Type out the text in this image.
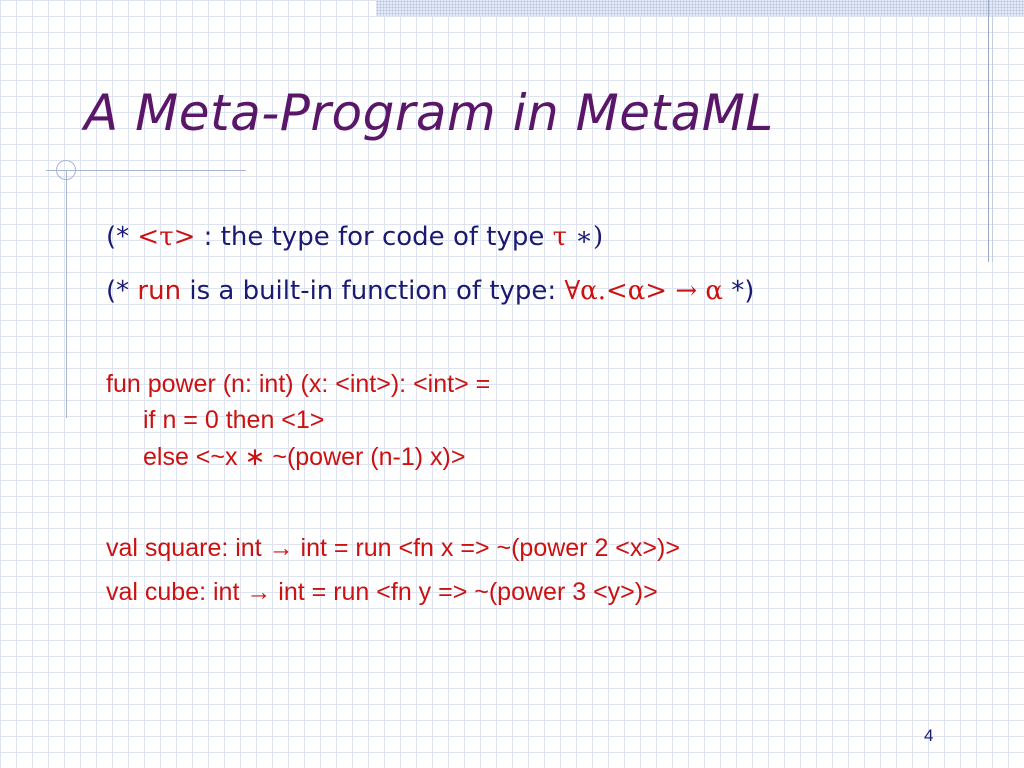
A Meta-Program in MetaML
(* <τ> : the type for code of type τ ∗)
(* run is a built-in function of type: ∀α.<α> → α *)
fun power (n: int) (x: <int>): <int> =
if n = 0 then <1>
else <~x ∗ ~(power (n-1) x)>
val square: int → int = run <fn x => ~(power 2 <x>)>
val cube: int → int = run <fn y => ~(power 3 <y>)>
4
